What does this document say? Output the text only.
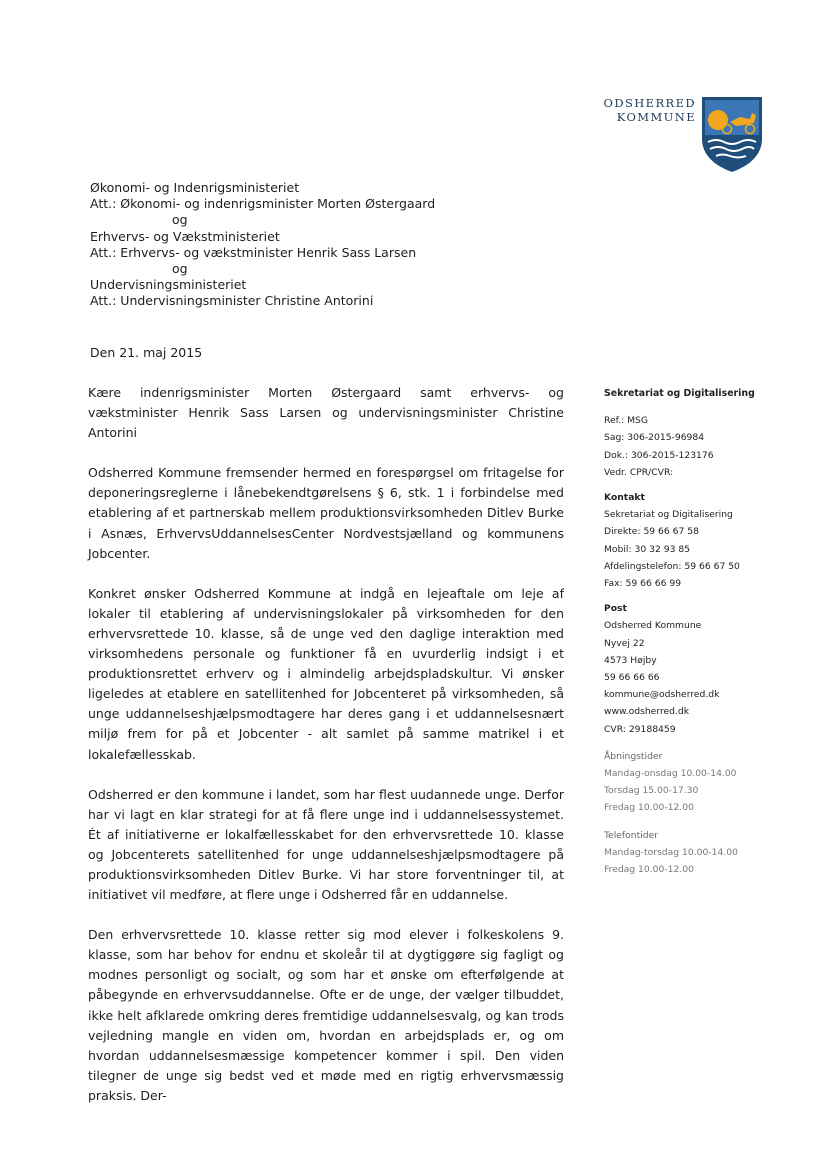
ODSHERRED
KOMMUNE
Økonomi- og Indenrigsministeriet
Att.: Økonomi- og indenrigsminister Morten Østergaard
og
Erhvervs- og Vækstministeriet
Att.: Erhvervs- og vækstminister Henrik Sass Larsen
og
Undervisningsministeriet
Att.: Undervisningsminister Christine Antorini
Den 21. maj 2015

Kære indenrigsminister Morten Østergaard samt erhvervs- og vækstminister Henrik Sass Larsen og undervisningsminister Christine Antorini

Odsherred Kommune fremsender hermed en forespørgsel om fritagelse for deponeringsreglerne i lånebekendtgørelsens § 6, stk. 1 i forbindelse med etablering af et partnerskab mellem produktionsvirksomheden Ditlev Burke i Asnæs, ErhvervsUddannelsesCenter Nordvestsjælland og kommunens Jobcenter.

Konkret ønsker Odsherred Kommune at indgå en lejeaftale om leje af lokaler til etablering af undervisningslokaler på virksomheden for den erhvervsrettede 10. klasse, så de unge ved den daglige interaktion med virksomhedens personale og funktioner få en uvurderlig indsigt i et produktionsrettet erhverv og i almindelig arbejdspladskultur. Vi ønsker ligeledes at etablere en satellitenhed for Jobcenteret på virksomheden, så unge uddannelseshjælpsmodtagere har deres gang i et uddannelsesnært miljø frem for på et Jobcenter - alt samlet på samme matrikel i et lokalefællesskab.

Odsherred er den kommune i landet, som har flest uudannede unge. Derfor har vi lagt en klar strategi for at få flere unge ind i uddannelsessystemet. Ét af initiativerne er lokalfællesskabet for den erhvervsrettede 10. klasse og Jobcenterets satellitenhed for unge uddannelseshjælpsmodtagere på produktionsvirksomheden Ditlev Burke. Vi har store forventninger til, at initiativet vil medføre, at flere unge i Odsherred får en uddannelse.

Den erhvervsrettede 10. klasse retter sig mod elever i folkeskolens 9. klasse, som har behov for endnu et skoleår til at dygtiggøre sig fagligt og modnes personligt og socialt, og som har et ønske om efterfølgende at påbegynde en erhvervsuddannelse. Ofte er de unge, der vælger tilbuddet, ikke helt afklarede omkring deres fremtidige uddannelsesvalg, og kan trods vejledning mangle en viden om, hvordan en arbejdsplads er, og om hvordan uddannelsesmæssige kompetencer kommer i spil. Den viden tilegner de unge sig bedst ved et møde med en rigtig erhvervsmæssig praksis. Der-

Sekretariat og Digitalisering
Ref.: MSG
Sag: 306-2015-96984
Dok.: 306-2015-123176
Vedr. CPR/CVR:
Kontakt
Sekretariat og Digitalisering
Direkte: 59 66 67 58
Mobil: 30 32 93 85
Afdelingstelefon: 59 66 67 50
Fax: 59 66 66 99
Post
Odsherred Kommune
Nyvej 22
4573 Højby
59 66 66 66
kommune@odsherred.dk
www.odsherred.dk
CVR: 29188459
Åbningstider
Mandag-onsdag 10.00-14.00
Torsdag 15.00-17.30
Fredag 10.00-12.00
Telefontider
Mandag-torsdag 10.00-14.00
Fredag 10.00-12.00
